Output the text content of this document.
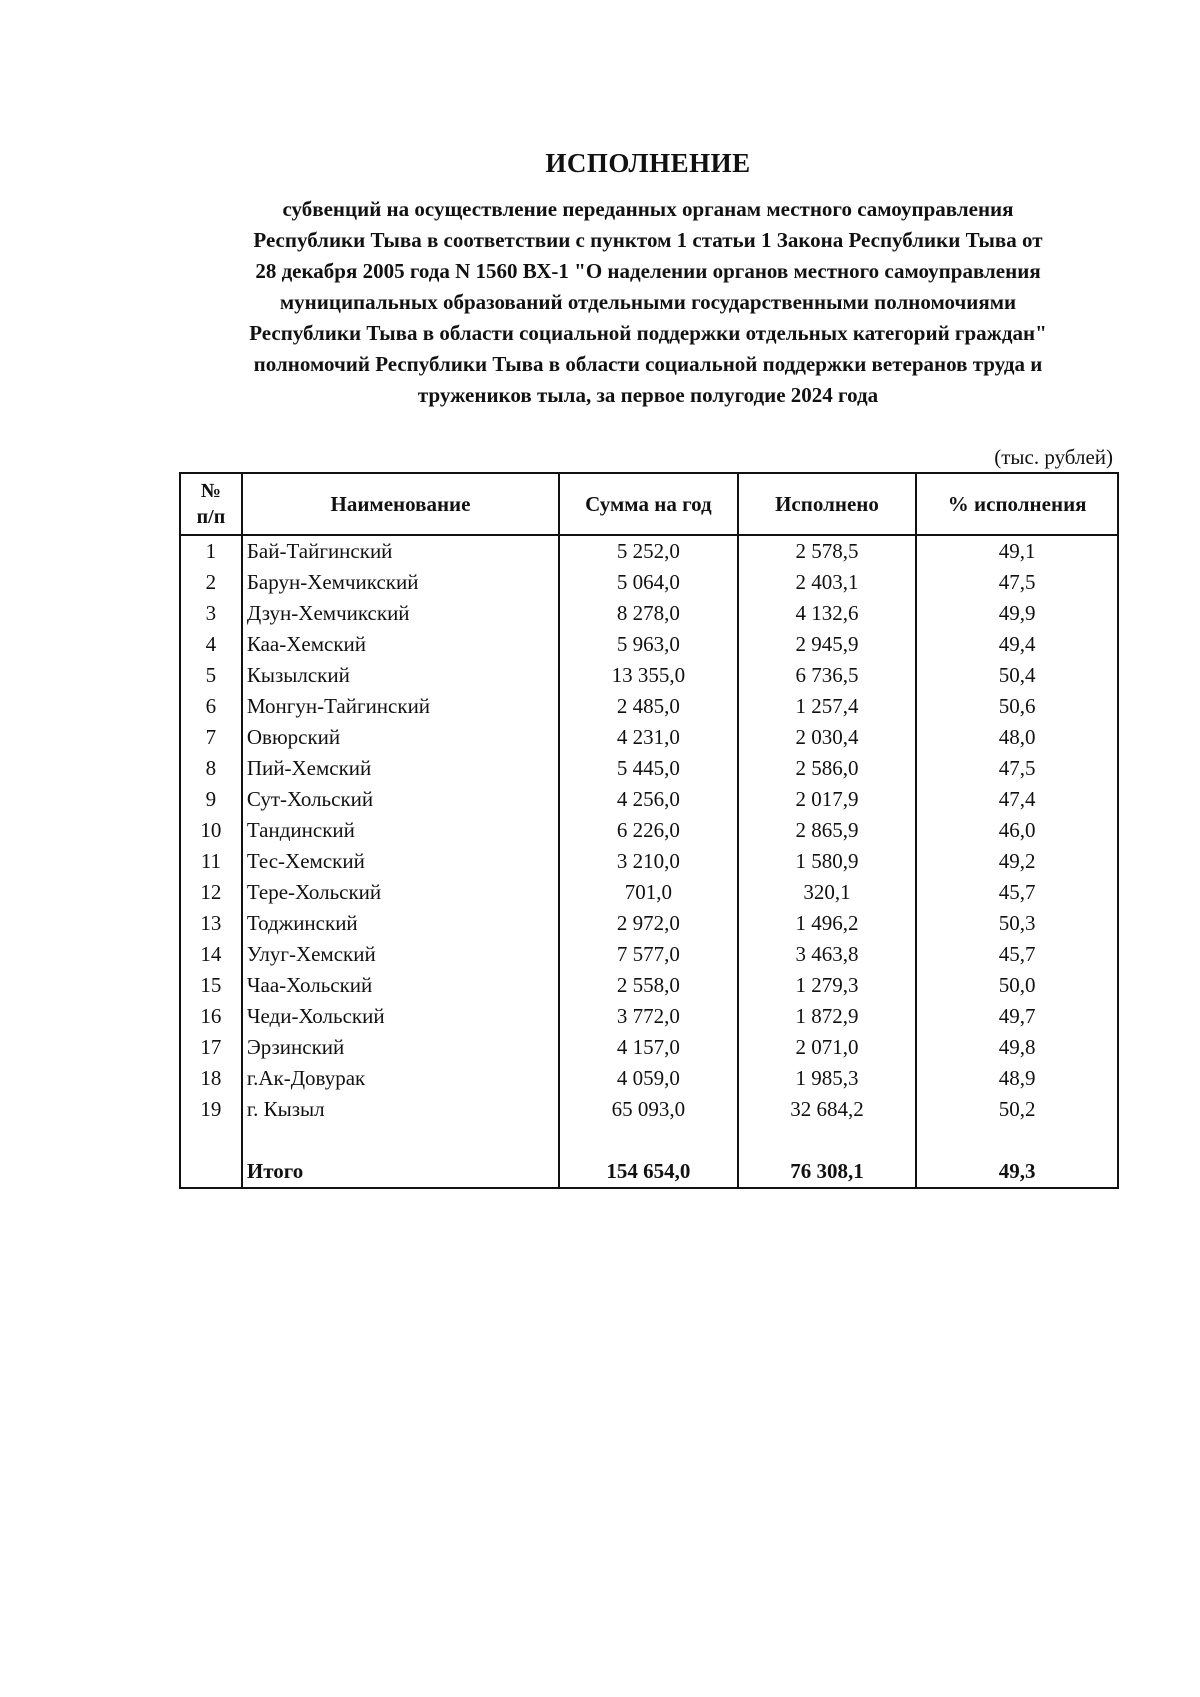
ИСПОЛНЕНИЕ
субвенций на осуществление переданных органам местного самоуправления
Республики Тыва в соответствии с пунктом 1 статьи 1 Закона Республики Тыва от
28 декабря 2005 года N 1560 ВХ-1 "О наделении органов местного самоуправления
муниципальных образований отдельными государственными полномочиями
Республики Тыва в области социальной поддержки отдельных категорий граждан"
полномочий Республики Тыва в области социальной поддержки ветеранов труда и
тружеников тыла, за первое полугодие 2024 года
(тыс. рублей)
№
п/п	Наименование	Сумма на год	Исполнено	% исполнения
1	Бай-Тайгинский	5 252,0	2 578,5	49,1
2	Барун-Хемчикский	5 064,0	2 403,1	47,5
3	Дзун-Хемчикский	8 278,0	4 132,6	49,9
4	Каа-Хемский	5 963,0	2 945,9	49,4
5	Кызылский	13 355,0	6 736,5	50,4
6	Монгун-Тайгинский	2 485,0	1 257,4	50,6
7	Овюрский	4 231,0	2 030,4	48,0
8	Пий-Хемский	5 445,0	2 586,0	47,5
9	Сут-Хольский	4 256,0	2 017,9	47,4
10	Тандинский	6 226,0	2 865,9	46,0
11	Тес-Хемский	3 210,0	1 580,9	49,2
12	Тере-Хольский	701,0	320,1	45,7
13	Тоджинский	2 972,0	1 496,2	50,3
14	Улуг-Хемский	7 577,0	3 463,8	45,7
15	Чаа-Хольский	2 558,0	1 279,3	50,0
16	Чеди-Хольский	3 772,0	1 872,9	49,7
17	Эрзинский	4 157,0	2 071,0	49,8
18	г.Ак-Довурак	4 059,0	1 985,3	48,9
19	г. Кызыл	65 093,0	32 684,2	50,2

	Итого	154 654,0	76 308,1	49,3
